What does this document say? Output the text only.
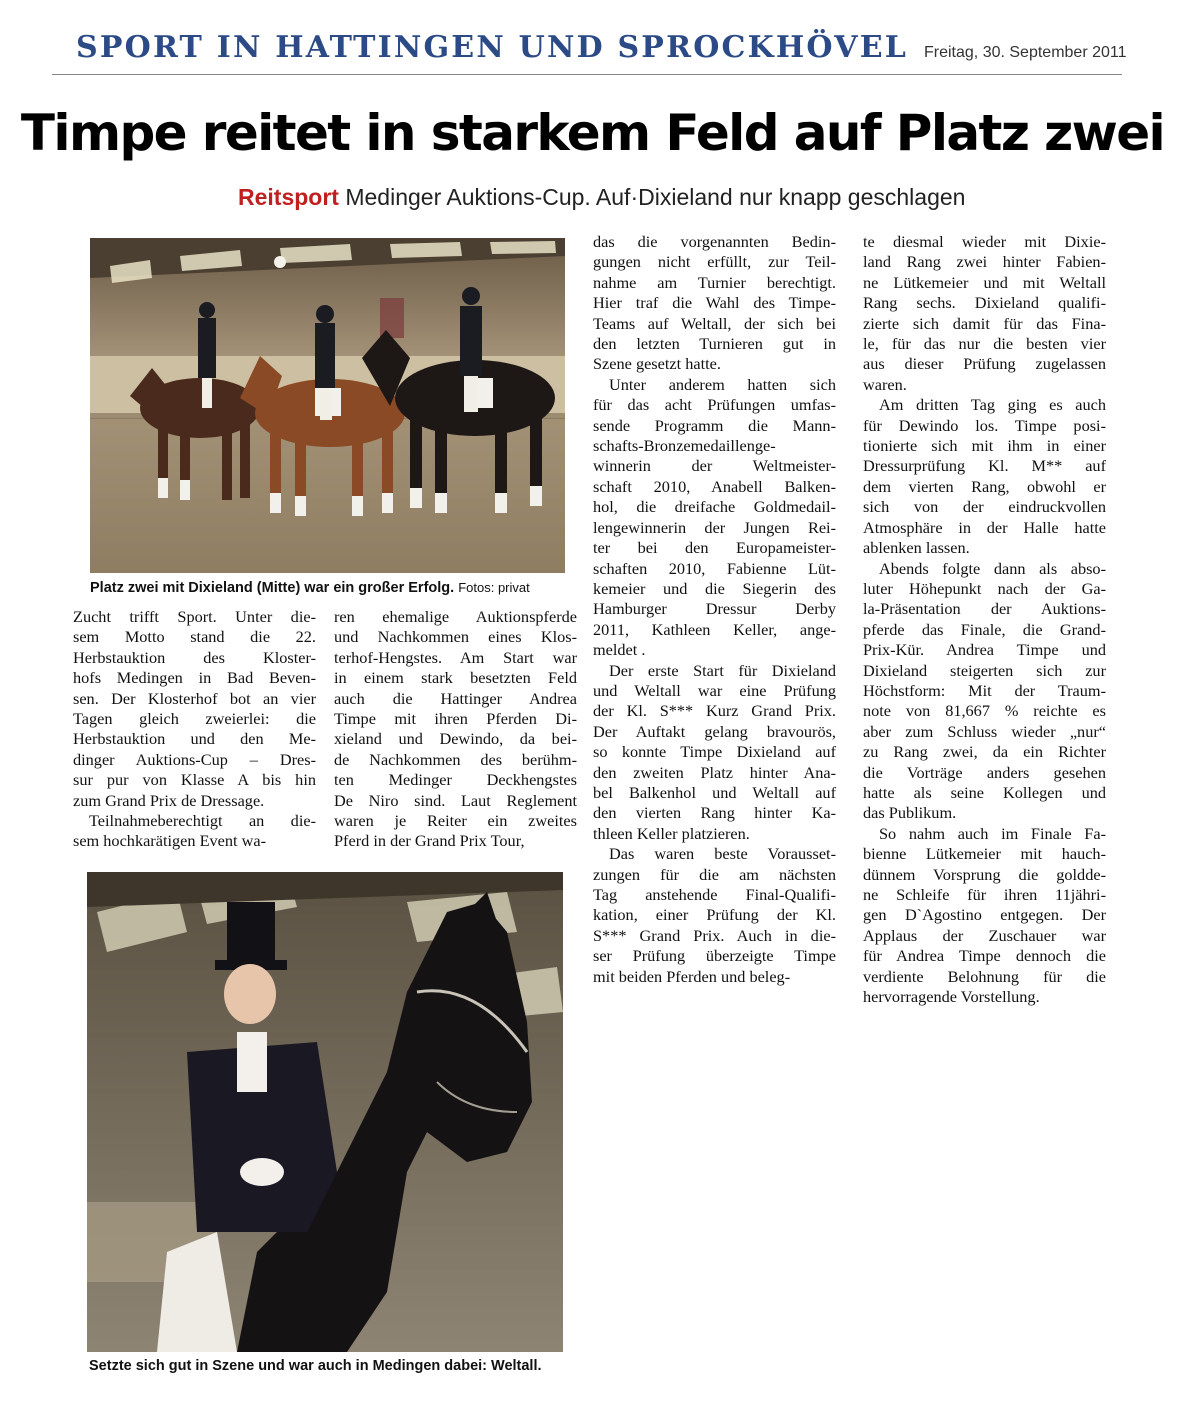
SPORT IN HATTINGEN UND SPROCKHÖVEL Freitag, 30. September 2011
Timpe reitet in starkem Feld auf Platz zwei
Reitsport Medinger Auktions-Cup. Auf·Dixieland nur knapp geschlagen
Platz zwei mit Dixieland (Mitte) war ein großer Erfolg. Fotos: privat
Setzte sich gut in Szene und war auch in Medingen dabei: Weltall.

Zucht trifft Sport. Unter die-
sem Motto stand die 22.
Herbstauktion des Kloster-
hofs Medingen in Bad Beven-
sen. Der Klosterhof bot an vier
Tagen gleich zweierlei: die
Herbstauktion und den Me-
dinger Auktions-Cup – Dres-
sur pur von Klasse A bis hin
zum Grand Prix de Dressage.

Teilnahmeberechtigt an die-
sem hochkarätigen Event wa-

ren ehemalige Auktionspferde
und Nachkommen eines Klos-
terhof-Hengstes. Am Start war
in einem stark besetzten Feld
auch die Hattinger Andrea
Timpe mit ihren Pferden Di-
xieland und Dewindo, da bei-
de Nachkommen des berühm-
ten Medinger Deckhengstes
De Niro sind. Laut Reglement
waren je Reiter ein zweites
Pferd in der Grand Prix Tour,

das die vorgenannten Bedin-
gungen nicht erfüllt, zur Teil-
nahme am Turnier berechtigt.
Hier traf die Wahl des Timpe-
Teams auf Weltall, der sich bei
den letzten Turnieren gut in
Szene gesetzt hatte.

Unter anderem hatten sich
für das acht Prüfungen umfas-
sende Programm die Mann-
schafts-Bronzemedaillenge-
winnerin der Weltmeister-
schaft 2010, Anabell Balken-
hol, die dreifache Goldmedail-
lengewinnerin der Jungen Rei-
ter bei den Europameister-
schaften 2010, Fabienne Lüt-
kemeier und die Siegerin des
Hamburger Dressur Derby
2011, Kathleen Keller, ange-
meldet .

Der erste Start für Dixieland
und Weltall war eine Prüfung
der Kl. S*** Kurz Grand Prix.
Der Auftakt gelang bravourös,
so konnte Timpe Dixieland auf
den zweiten Platz hinter Ana-
bel Balkenhol und Weltall auf
den vierten Rang hinter Ka-
thleen Keller platzieren.

Das waren beste Vorausset-
zungen für die am nächsten
Tag anstehende Final-Qualifi-
kation, einer Prüfung der Kl.
S*** Grand Prix. Auch in die-
ser Prüfung überzeigte Timpe
mit beiden Pferden und beleg-

te diesmal wieder mit Dixie-
land Rang zwei hinter Fabien-
ne Lütkemeier und mit Weltall
Rang sechs. Dixieland qualifi-
zierte sich damit für das Fina-
le, für das nur die besten vier
aus dieser Prüfung zugelassen
waren.

Am dritten Tag ging es auch
für Dewindo los. Timpe posi-
tionierte sich mit ihm in einer
Dressurprüfung Kl. M** auf
dem vierten Rang, obwohl er
sich von der eindruckvollen
Atmosphäre in der Halle hatte
ablenken lassen.

Abends folgte dann als abso-
luter Höhepunkt nach der Ga-
la-Präsentation der Auktions-
pferde das Finale, die Grand-
Prix-Kür. Andrea Timpe und
Dixieland steigerten sich zur
Höchstform: Mit der Traum-
note von 81,667 % reichte es
aber zum Schluss wieder „nur“
zu Rang zwei, da ein Richter
die Vorträge anders gesehen
hatte als seine Kollegen und
das Publikum.

So nahm auch im Finale Fa-
bienne Lütkemeier mit hauch-
dünnem Vorsprung die goldde-
ne Schleife für ihren 11jähri-
gen D`Agostino entgegen. Der
Applaus der Zuschauer war
für Andrea Timpe dennoch die
verdiente Belohnung für die
hervorragende Vorstellung.
